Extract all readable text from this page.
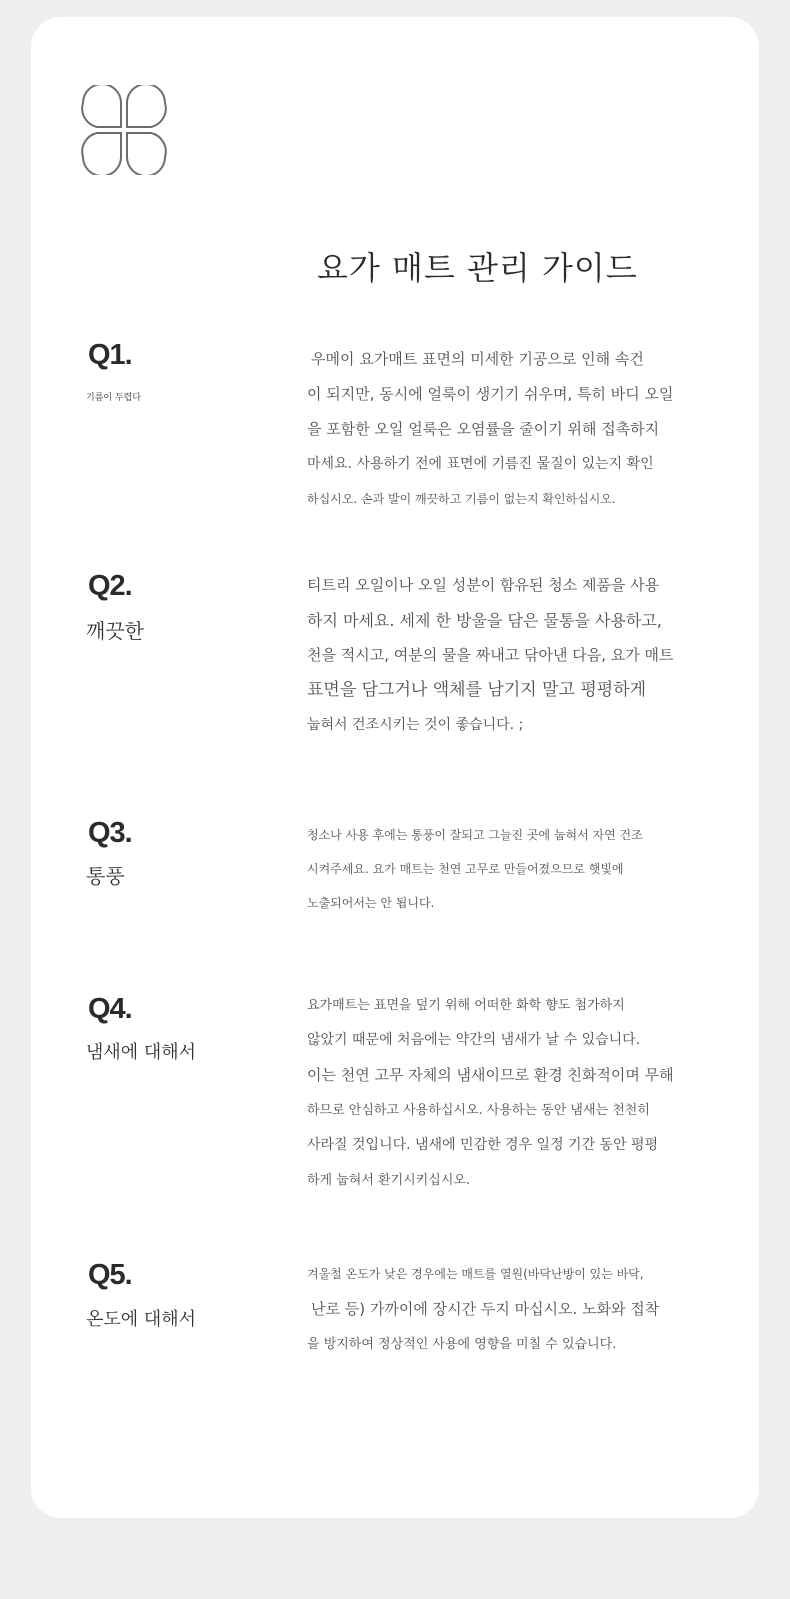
요가 매트 관리 가이드
Q1.

기름이 두렵다

우메이 요가매트 표면의 미세한 기공으로 인해 속건
이 되지만, 동시에 얼룩이 생기기 쉬우며, 특히 바디 오일
을 포함한 오일 얼룩은 오염률을 줄이기 위해 접촉하지
마세요. 사용하기 전에 표면에 기름진 물질이 있는지 확인
하십시오. 손과 발이 깨끗하고 기름이 없는지 확인하십시오.
Q2.

깨끗한

티트리 오일이나 오일 성분이 함유된 청소 제품을 사용
하지 마세요. 세제 한 방울을 담은 물통을 사용하고,
천을 적시고, 여분의 물을 짜내고 닦아낸 다음, 요가 매트
표면을 담그거나 액체를 남기지 말고 평평하게
눕혀서 건조시키는 것이 좋습니다. ;
Q3.

통풍

청소나 사용 후에는 통풍이 잘되고 그늘진 곳에 눕혀서 자연 건조
시켜주세요. 요가 매트는 천연 고무로 만들어졌으므로 햇빛에
노출되어서는 안 됩니다.
Q4.

냄새에 대해서

요가매트는 표면을 덮기 위해 어떠한 화학 향도 첨가하지
않았기 때문에 처음에는 약간의 냄새가 날 수 있습니다.
이는 천연 고무 자체의 냄새이므로 환경 친화적이며 무해
하므로 안심하고 사용하십시오. 사용하는 동안 냄새는 천천히
사라질 것입니다. 냄새에 민감한 경우 일정 기간 동안 평평
하게 눕혀서 환기시키십시오.
Q5.

온도에 대해서

겨울철 온도가 낮은 경우에는 매트를 열원(바닥난방이 있는 바닥,
난로 등) 가까이에 장시간 두지 마십시오. 노화와 접착
을 방지하여 정상적인 사용에 영향을 미칠 수 있습니다.
